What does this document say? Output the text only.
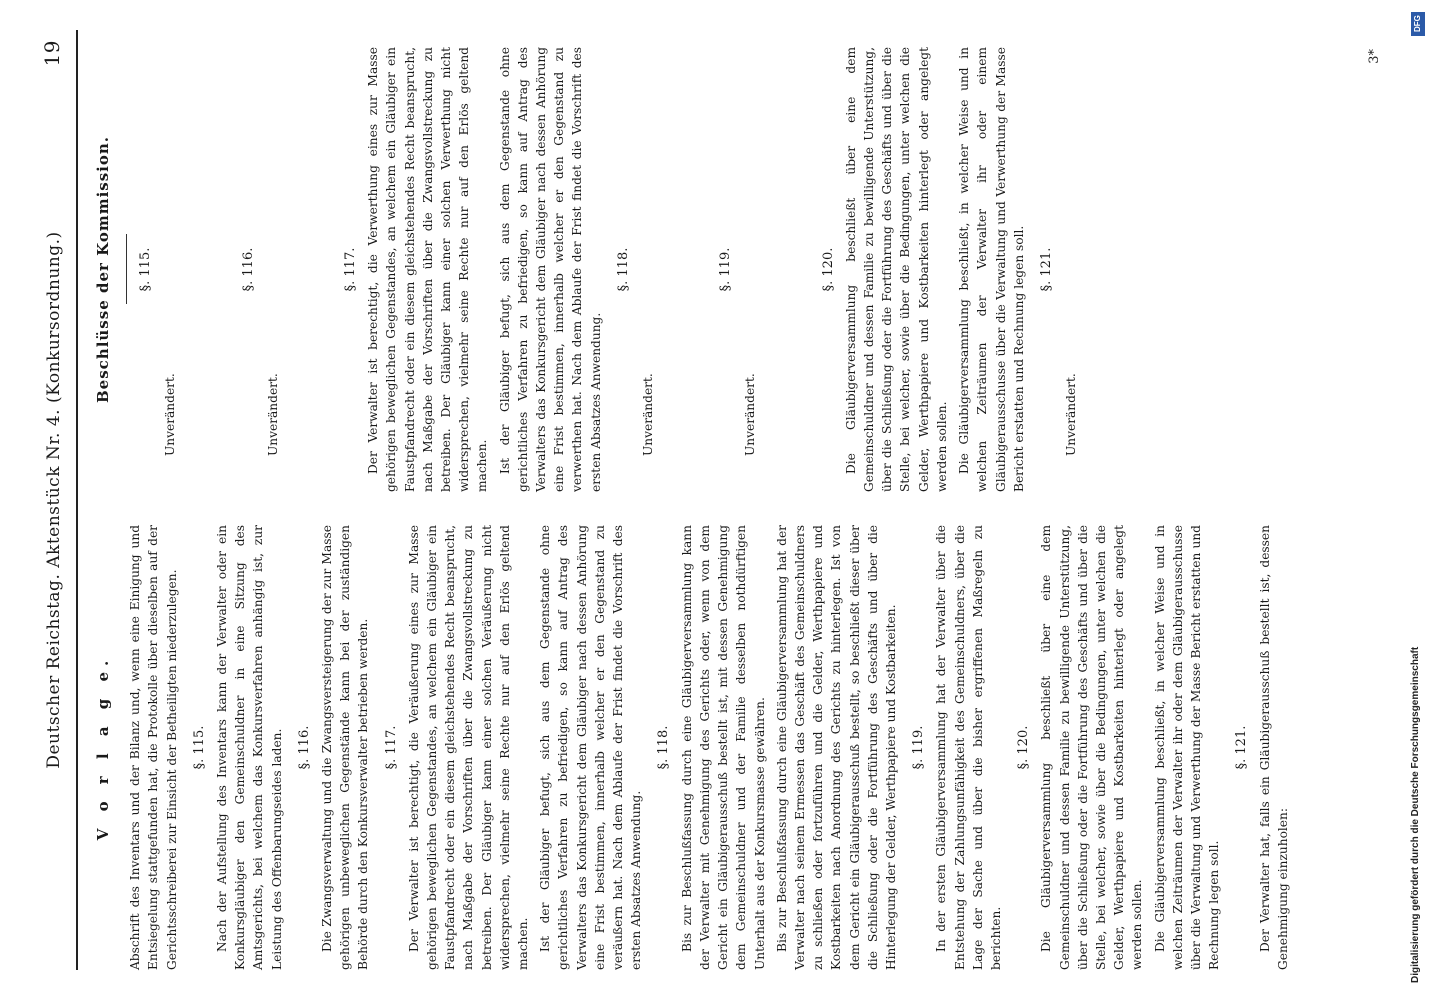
Deutscher Reichstag. Aktenstück Nr. 4. (Konkursordnung.)
19
V o r l a g e. Abschrift des Inventars und der Bilanz und, wenn eine Einigung und Entsiegelung stattgefunden hat, die Protokolle über dieselben auf der Gerichtsschreiberei zur Einsicht der Betheiligten niederzulegen. §. 115. Nach der Aufstellung des Inventars kann der Verwalter oder ein Konkursgläubiger den Gemeinschuldner in eine Sitzung des Amtsgerichts, bei welchem das Konkursverfahren anhängig ist, zur Leistung des Offenbarungseides laden. §. 116. Die Zwangsverwaltung und die Zwangsversteigerung der zur Masse gehörigen unbeweglichen Gegenstände kann bei der zuständigen Behörde durch den Konkursverwalter betrieben werden. §. 117. Der Verwalter ist berechtigt, die Veräußerung eines zur Masse gehörigen beweglichen Gegenstandes, an welchem ein Gläubiger ein Faustpfandrecht oder ein diesem gleichstehendes Recht beansprucht, nach Maßgabe der Vorschriften über die Zwangsvollstreckung zu betreiben. Der Gläubiger kann einer solchen Veräußerung nicht widersprechen, vielmehr seine Rechte nur auf den Erlös geltend machen. Ist der Gläubiger befugt, sich aus dem Gegenstande ohne gerichtliches Verfahren zu befriedigen, so kann auf Antrag des Verwalters das Konkursgericht dem Gläubiger nach dessen Anhörung eine Frist bestimmen, innerhalb welcher er den Gegenstand zu veräußern hat. Nach dem Ablaufe der Frist findet die Vorschrift des ersten Absatzes Anwendung.

§. 118. Bis zur Beschlußfassung durch eine Gläubigerversammlung kann der Verwalter mit Genehmigung des Gerichts oder, wenn von dem Gericht ein Gläubigerausschuß bestellt ist, mit dessen Genehmigung dem Gemeinschuldner und der Familie desselben nothdürftigen Unterhalt aus der Konkursmasse gewähren. Bis zur Beschlußfassung durch eine Gläubigerversammlung hat der Verwalter nach seinem Ermessen das Geschäft des Gemeinschuldners zu schließen oder fortzuführen und die Gelder, Werthpapiere und Kostbarkeiten nach Anordnung des Gerichts zu hinterlegen. Ist von dem Gericht ein Gläubigerausschuß bestellt, so beschließt dieser über die Schließung oder die Fortführung des Geschäfts und über die Hinterlegung der Gelder, Werthpapiere und Kostbarkeiten. §. 119. In der ersten Gläubigerversammlung hat der Verwalter über die Entstehung der Zahlungsunfähigkeit des Gemeinschuldners, über die Lage der Sache und über die bisher ergriffenen Maßregeln zu berichten.

§. 120. Die Gläubigerversammlung beschließt über eine dem Gemeinschuldner und dessen Familie zu bewilligende Unterstützung, über die Schließung oder die Fortführung des Geschäfts und über die Stelle, bei welcher, sowie über die Bedingungen, unter welchen die Gelder, Werthpapiere und Kostbarkeiten hinterlegt oder angelegt werden sollen. Die Gläubigerversammlung beschließt, in welcher Weise und in welchen Zeiträumen der Verwalter ihr oder dem Gläubigerausschusse über die Verwaltung und Verwerthung der Masse Bericht erstatten und Rechnung legen soll.

§. 121. Der Verwalter hat, falls ein Gläubigerausschuß bestellt ist, dessen Genehmigung einzuholen:

Beschlüsse der Kommission. §. 115.

Unverändert.

§. 116.

Unverändert.

§. 117. Der Verwalter ist berechtigt, die Verwerthung eines zur Masse gehörigen beweglichen Gegenstandes, an welchem ein Gläubiger ein Faustpfandrecht oder ein diesem gleichstehendes Recht beansprucht, nach Maßgabe der Vorschriften über die Zwangsvollstreckung zu betreiben. Der Gläubiger kann einer solchen Verwerthung nicht widersprechen, vielmehr seine Rechte nur auf den Erlös geltend machen. Ist der Gläubiger befugt, sich aus dem Gegenstande ohne gerichtliches Verfahren zu befriedigen, so kann auf Antrag des Verwalters das Konkursgericht dem Gläubiger nach dessen Anhörung eine Frist bestimmen, innerhalb welcher er den Gegenstand zu verwerthen hat. Nach dem Ablaufe der Frist findet die Vorschrift des ersten Absatzes Anwendung.

§. 118.

Unverändert.

§. 119.

Unverändert.

§. 120. Die Gläubigerversammlung beschließt über eine dem Gemeinschuldner und dessen Familie zu bewilligende Unterstützung, über die Schließung oder die Fortführung des Geschäfts und über die Stelle, bei welcher, sowie über die Bedingungen, unter welchen die Gelder, Werthpapiere und Kostbarkeiten hinterlegt oder angelegt werden sollen. Die Gläubigerversammlung beschließt, in welcher Weise und in welchen Zeiträumen der Verwalter ihr oder einem Gläubigerausschusse über die Verwaltung und Verwerthung der Masse Bericht erstatten und Rechnung legen soll. §. 121.

Unverändert.

3*
DFG
Digitalisierung gefördert durch die Deutsche Forschungsgemeinschaft
